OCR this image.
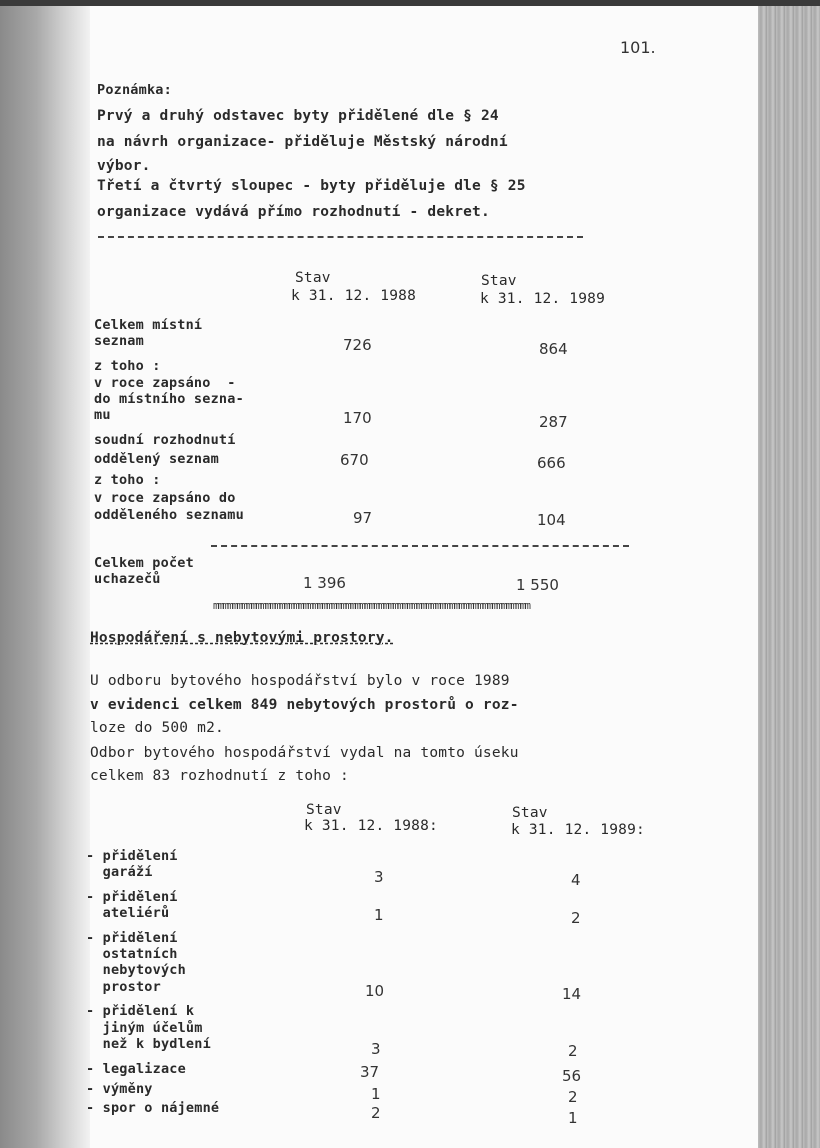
101.
Poznámka:
Prvý a druhý odstavec byty přidělené dle § 24
na návrh organizace- přiděluje Městský národní
výbor.
Třetí a čtvrtý sloupec - byty přiděluje dle § 25
organizace vydává přímo rozhodnutí - dekret.
Stav
k 31. 12. 1988
Stav
k 31. 12. 1989
Celkem místní
seznam	726	864
z toho :
v roce zapsáno  -
do místního sezna-
mu	170	287
soudní rozhodnutí
oddělený seznam	670	666
z toho :
v roce zapsáno do
odděleného seznamu	97	104
Celkem počet
uchazečů	1 396	1 550
mmmmmmmmmmmmmmmmmmmmmmmmmmmmmmmmmmmmmmmmmmmmmmmmmmmmmmmmmmmmmmmmmmm
Hospodáření s nebytovými prostory.
U odboru bytového hospodářství bylo v roce 1989
v evidenci celkem 849 nebytových prostorů o roz-
loze do 500 m2.
Odbor bytového hospodářství vydal na tomto úseku
celkem 83 rozhodnutí z toho :
Stav
k 31. 12. 1988:
Stav
k 31. 12. 1989:
- přidělení
garáží	3	4
- přidělení
ateliérů	1	2
- přidělení
ostatních
nebytových
prostor	10	14
- přidělení k
jiným účelům
než k bydlení	3	2
- legalizace	37	56
- výměny	1	2
- spor o nájemné	2	1
